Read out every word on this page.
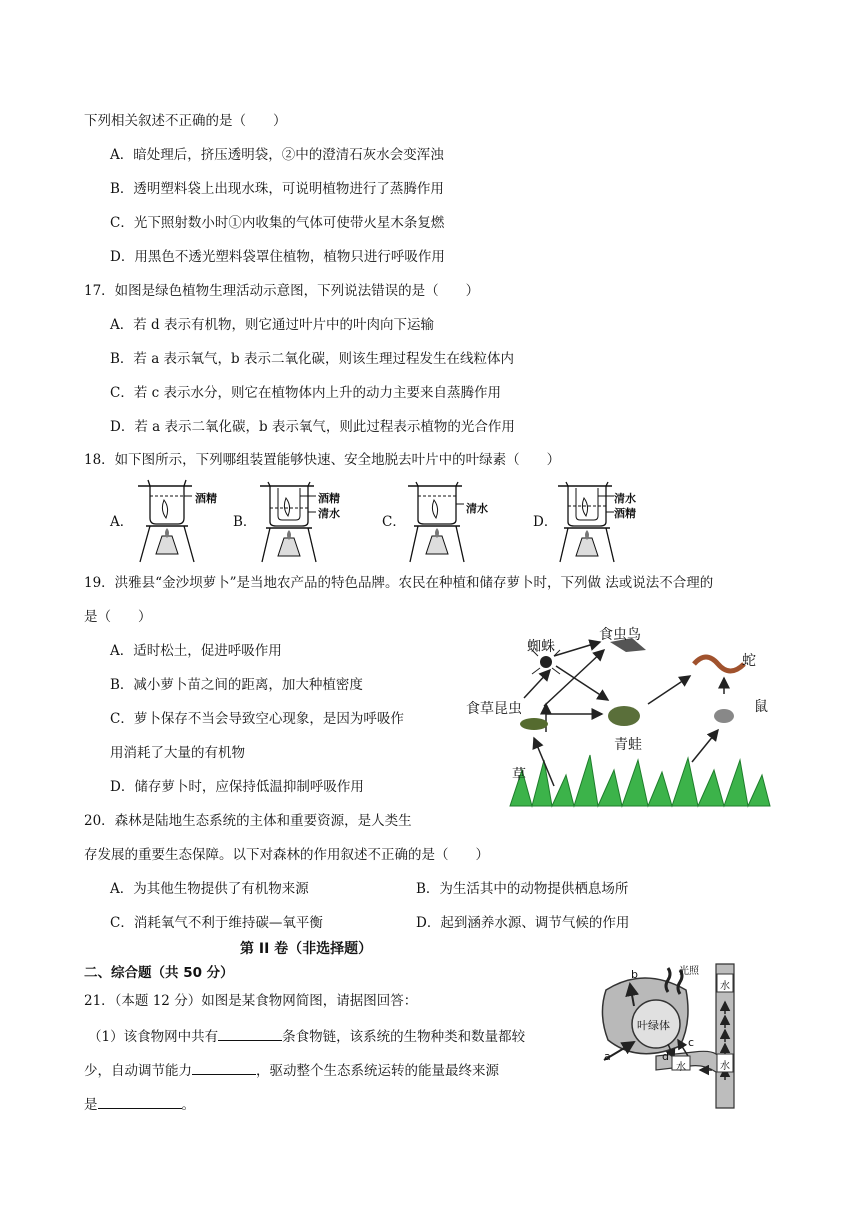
下列相关叙述不正确的是（　　）
A．暗处理后，挤压透明袋，②中的澄清石灰水会变浑浊
B．透明塑料袋上出现水珠，可说明植物进行了蒸腾作用
C．光下照射数小时①内收集的气体可使带火星木条复燃
D．用黑色不透光塑料袋罩住植物，植物只进行呼吸作用
17．如图是绿色植物生理活动示意图，下列说法错误的是（　　）
A．若 d 表示有机物，则它通过叶片中的叶肉向下运输
B．若 a 表示氧气，b 表示二氧化碳，则该生理过程发生在线粒体内
C．若 c 表示水分，则它在植物体内上升的动力主要来自蒸腾作用
D．若 a 表示二氧化碳，b 表示氧气，则此过程表示植物的光合作用
18．如下图所示，下列哪组装置能够快速、安全地脱去叶片中的叶绿素（　　）
A．	B．	C．	D．
酒精	酒精
清水	清水
清水
酒精
19．洪雅县“金沙坝萝卜”是当地农产品的特色品牌。农民在种植和储存萝卜时，下列做 法或说法不合理的
是（　　）
A．适时松土，促进呼吸作用
B．减小萝卜苗之间的距离，加大种植密度
C．萝卜保存不当会导致空心现象，是因为呼吸作
用消耗了大量的有机物
D．储存萝卜时，应保持低温抑制呼吸作用
食虫鸟
蜘蛛
蛇
食草昆虫
青蛙
鼠
草
20．森林是陆地生态系统的主体和重要资源，是人类生
存发展的重要生态保障。以下对森林的作用叙述不正确的是（　　）
A．为其他生物提供了有机物来源	B．为生活其中的动物提供栖息场所
C．消耗氧气不利于维持碳—氧平衡	D．起到涵养水源、调节气候的作用
第 II 卷（非选择题）
二、综合题（共 50 分）
21．（本题 12 分）如图是某食物网简图，请据图回答：
（1）该食物网中共有	条食物链，该系统的生物种类和数量都较
少，自动调节能力	，驱动整个生态系统运转的能量最终来源
是	。
光照
水
叶绿体
a
b
c
d
水	水
